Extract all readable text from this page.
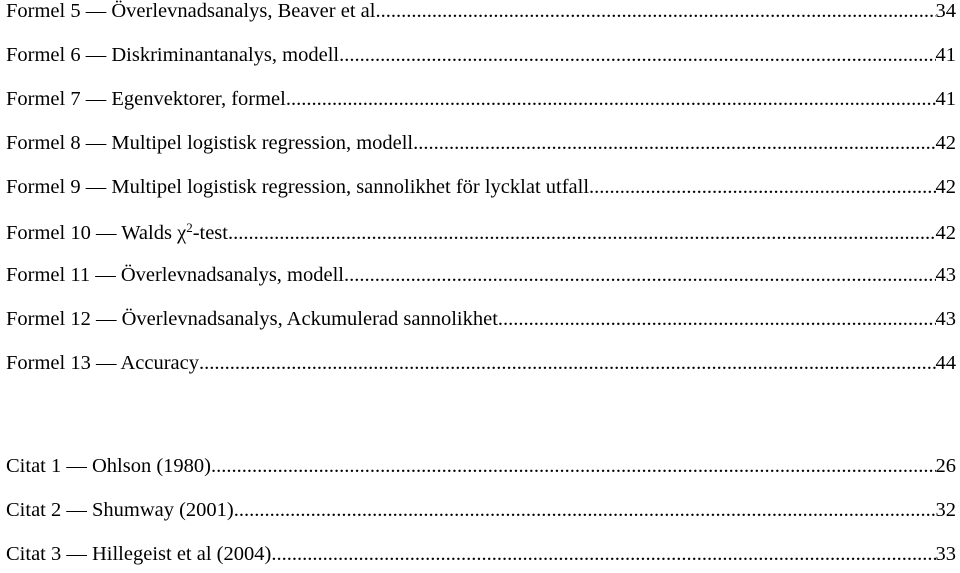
Formel 5 — Överlevnadsanalys, Beaver et al. .....	34
Formel 6 — Diskriminantanalys, modell. .....	41
Formel 7 — Egenvektorer, formel. .....	41
Formel 8 — Multipel logistisk regression, modell. .....	42
Formel 9 — Multipel logistisk regression, sannolikhet för lycklat utfall. .....	42
Formel 10 — Walds $\chi^2$-test .....	42
Formel 11 — Överlevnadsanalys, modell. .....	43
Formel 12 — Överlevnadsanalys, Ackumulerad sannolikhet .....	43
Formel 13 — Accuracy .....	44
Citat 1 — Ohlson (1980) .....	26
Citat 2 — Shumway (2001) .....	32
Citat 3 — Hillegeist et al (2004) .....	33
